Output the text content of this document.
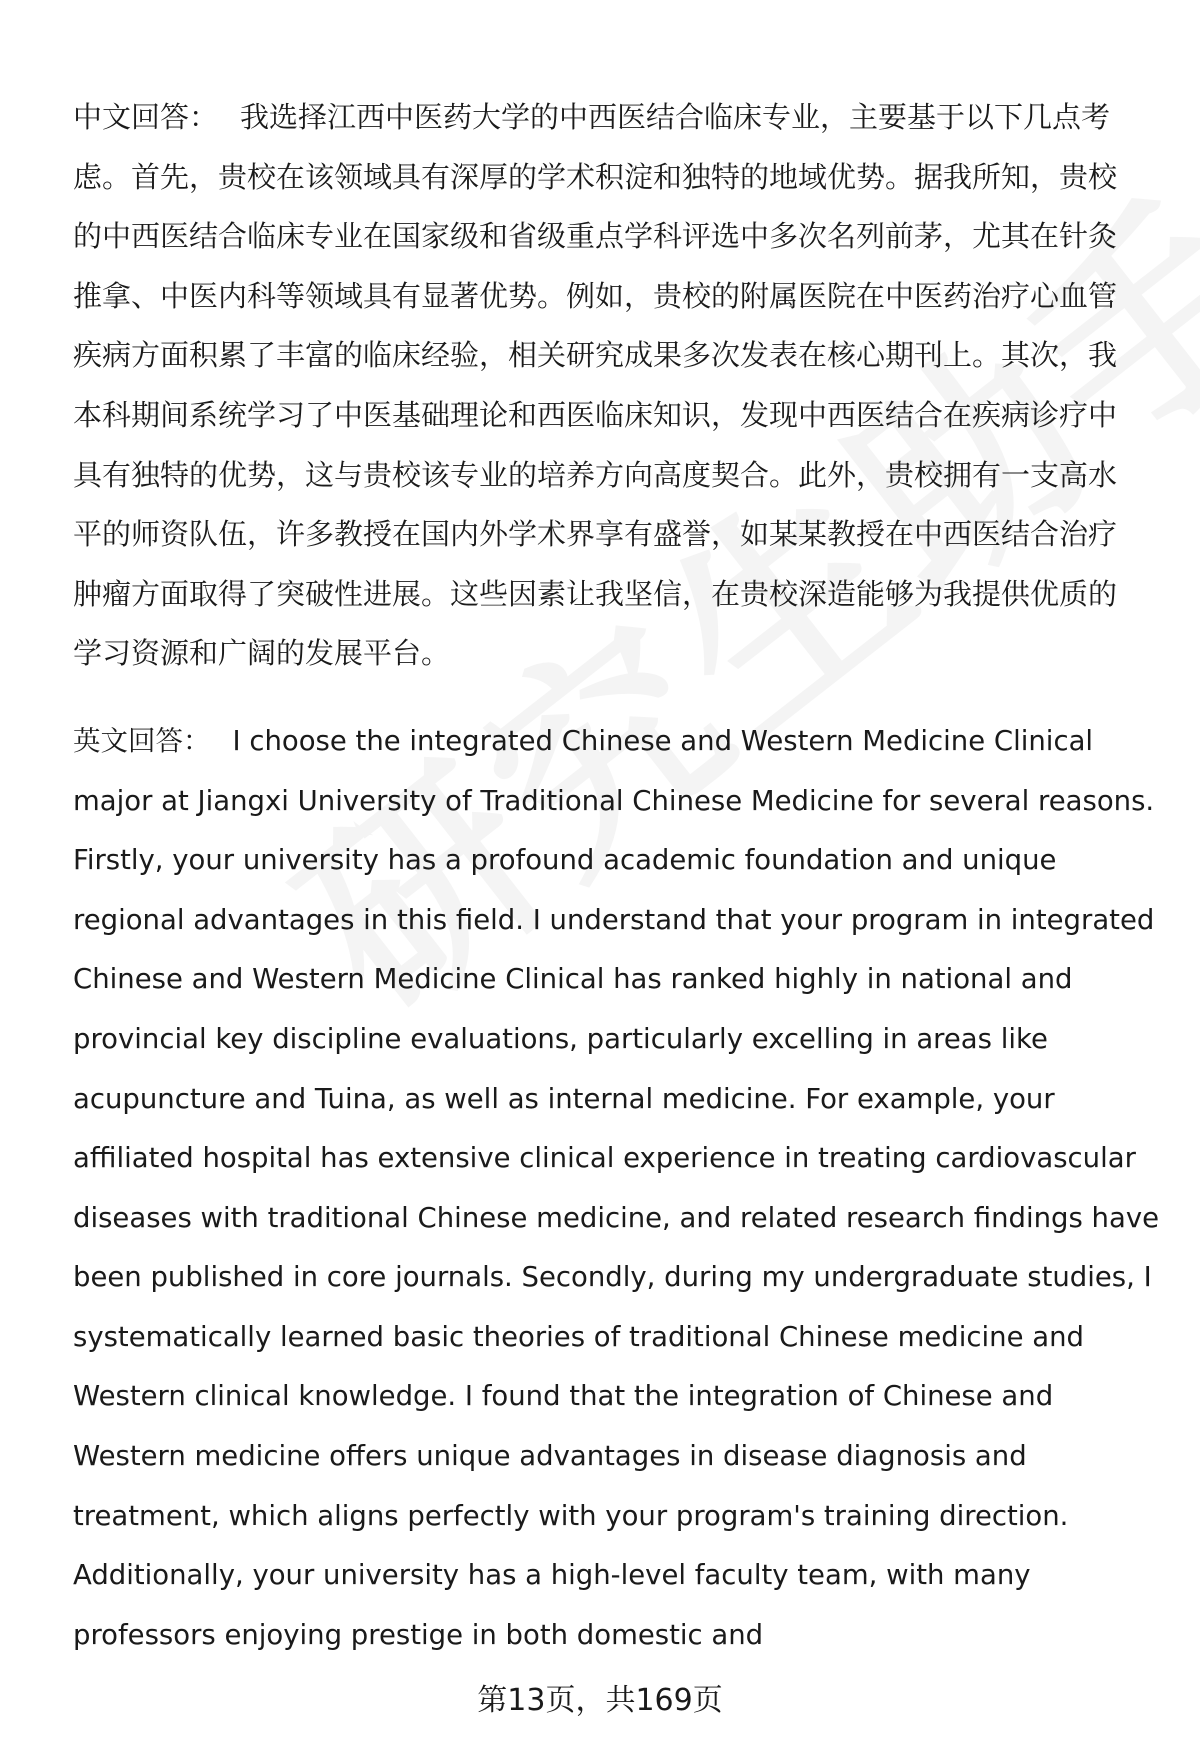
中文回答： 我选择江西中医药大学的中西医结合临床专业，主要基于以下几点考虑。首先，贵校在该领域具有深厚的学术积淀和独特的地域优势。据我所知，贵校的中西医结合临床专业在国家级和省级重点学科评选中多次名列前茅，尤其在针灸推拿、中医内科等领域具有显著优势。例如，贵校的附属医院在中医药治疗心血管疾病方面积累了丰富的临床经验，相关研究成果多次发表在核心期刊上。其次，我本科期间系统学习了中医基础理论和西医临床知识，发现中西医结合在疾病诊疗中具有独特的优势，这与贵校该专业的培养方向高度契合。此外，贵校拥有一支高水平的师资队伍，许多教授在国内外学术界享有盛誉，如某某教授在中西医结合治疗肿瘤方面取得了突破性进展。这些因素让我坚信，在贵校深造能够为我提供优质的学习资源和广阔的发展平台。

英文回答： I choose the integrated Chinese and Western Medicine Clinical major at Jiangxi University of Traditional Chinese Medicine for several reasons. Firstly, your university has a profound academic foundation and unique regional advantages in this field. I understand that your program in integrated Chinese and Western Medicine Clinical has ranked highly in national and provincial key discipline evaluations, particularly excelling in areas like acupuncture and Tuina, as well as internal medicine. For example, your affiliated hospital has extensive clinical experience in treating cardiovascular diseases with traditional Chinese medicine, and related research findings have been published in core journals. Secondly, during my undergraduate studies, I systematically learned basic theories of traditional Chinese medicine and Western clinical knowledge. I found that the integration of Chinese and Western medicine offers unique advantages in disease diagnosis and treatment, which aligns perfectly with your program's training direction. Additionally, your university has a high-level faculty team, with many professors enjoying prestige in both domestic and

第13页，共169页
